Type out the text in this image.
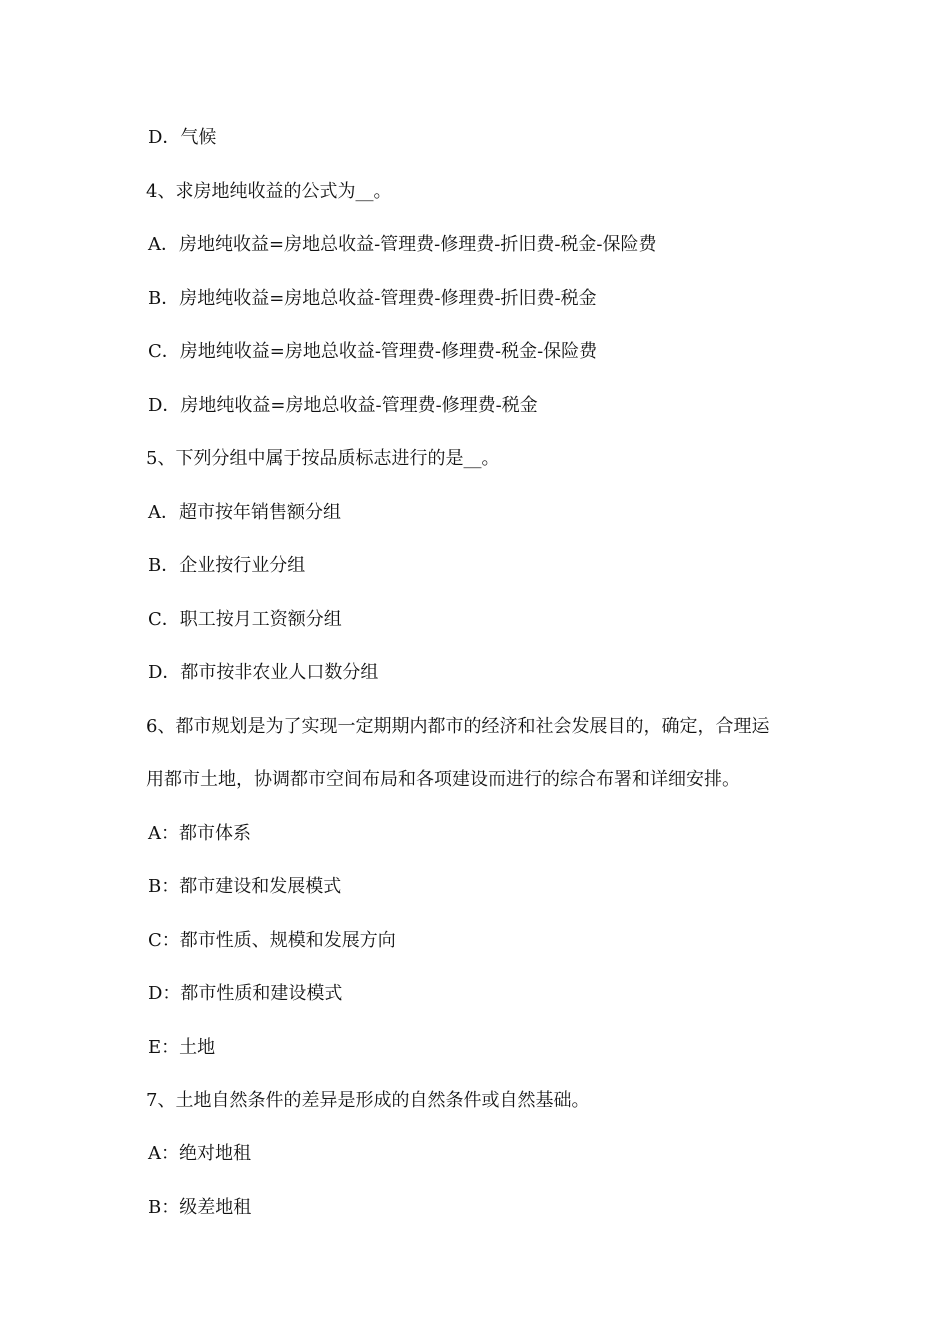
D．气候
4、求房地纯收益的公式为__。
A．房地纯收益=房地总收益-管理费-修理费-折旧费-税金-保险费
B．房地纯收益=房地总收益-管理费-修理费-折旧费-税金
C．房地纯收益=房地总收益-管理费-修理费-税金-保险费
D．房地纯收益=房地总收益-管理费-修理费-税金
5、下列分组中属于按品质标志进行的是__。
A．超市按年销售额分组
B．企业按行业分组
C．职工按月工资额分组
D．都市按非农业人口数分组
6、都市规划是为了实现一定期期内都市的经济和社会发展目的，确定，合理运
用都市土地，协调都市空间布局和各项建设而进行的综合布署和详细安排。
A：都市体系
B：都市建设和发展模式
C：都市性质、规模和发展方向
D：都市性质和建设模式
E：土地
7、土地自然条件的差异是形成的自然条件或自然基础。
A：绝对地租
B：级差地租
